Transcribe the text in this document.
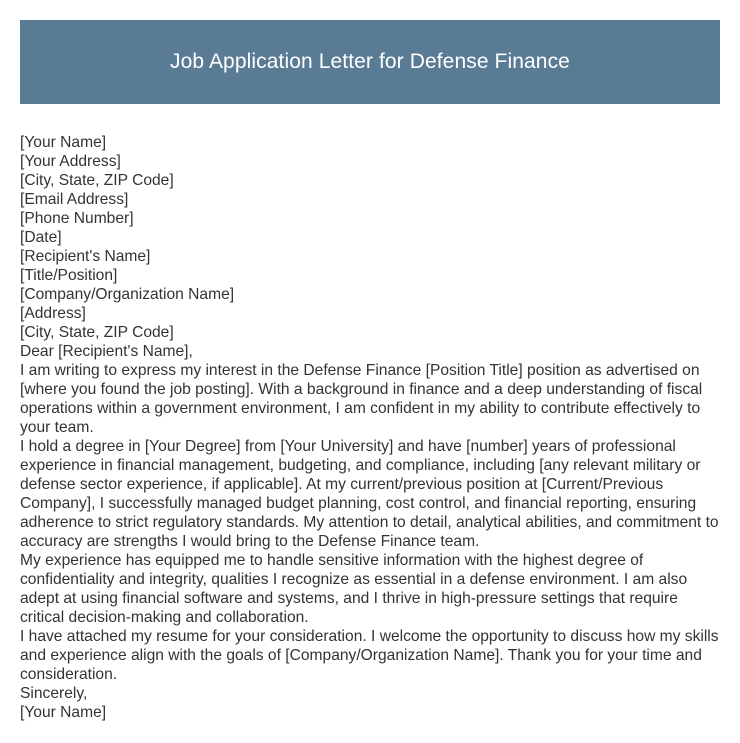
Job Application Letter for Defense Finance
[Your Name]
[Your Address]
[City, State, ZIP Code]
[Email Address]
[Phone Number]
[Date]
[Recipient's Name]
[Title/Position]
[Company/Organization Name]
[Address]
[City, State, ZIP Code]
Dear [Recipient's Name],
I am writing to express my interest in the Defense Finance [Position Title] position as advertised on [where you found the job posting]. With a background in finance and a deep understanding of fiscal operations within a government environment, I am confident in my ability to contribute effectively to your team.
I hold a degree in [Your Degree] from [Your University] and have [number] years of professional experience in financial management, budgeting, and compliance, including [any relevant military or defense sector experience, if applicable]. At my current/previous position at [Current/Previous Company], I successfully managed budget planning, cost control, and financial reporting, ensuring adherence to strict regulatory standards. My attention to detail, analytical abilities, and commitment to accuracy are strengths I would bring to the Defense Finance team.
My experience has equipped me to handle sensitive information with the highest degree of confidentiality and integrity, qualities I recognize as essential in a defense environment. I am also adept at using financial software and systems, and I thrive in high-pressure settings that require critical decision-making and collaboration.
I have attached my resume for your consideration. I welcome the opportunity to discuss how my skills and experience align with the goals of [Company/Organization Name]. Thank you for your time and consideration.
Sincerely,
[Your Name]
